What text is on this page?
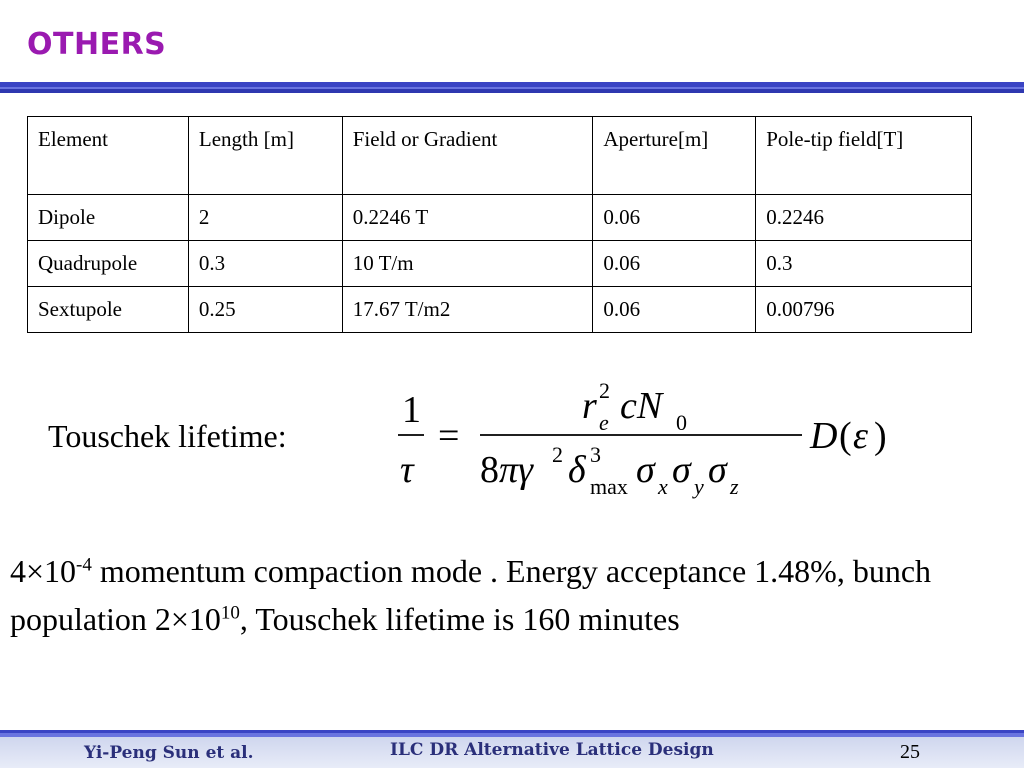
OTHERS
Element	Length [m]	Field or Gradient	Aperture[m]	Pole-tip field[T]
Dipole	2	0.2246 T	0.06	0.2246
Quadrupole	0.3	10 T/m	0.06	0.3
Sextupole	0.25	17.67 T/m2	0.06	0.00796
Touschek lifetime:
1
τ
=
r 2
e cN 0
8 πγ 2 δ 3
max σ x σ y σ z
D ( ε )
$4\times 10^{-4}$ momentum compaction mode . Energy acceptance 1.48%, bunch population $2\times 10^{10}$, Touschek lifetime is 160 minutes
Yi-Peng Sun et al.	ILC DR Alternative Lattice Design	25
